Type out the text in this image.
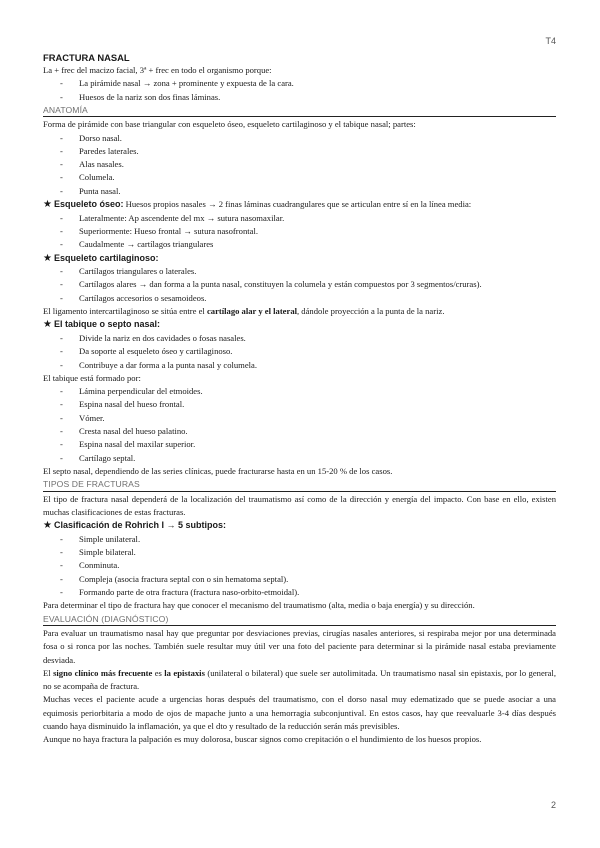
T4

FRACTURA NASAL

La + frec del macizo facial, 3ª + frec en todo el organismo porque:

- La pirámide nasal → zona + prominente y expuesta de la cara.
- Huesos de la nariz son dos finas láminas.
ANATOMÍA

Forma de pirámide con base triangular con esqueleto óseo, esqueleto cartilaginoso y el tabique nasal; partes:

- Dorso nasal.
- Paredes laterales.
- Alas nasales.
- Columela.
- Punta nasal.

★ Esqueleto óseo: Huesos propios nasales → 2 finas láminas cuadrangulares que se articulan entre sí en la línea media:

- Lateralmente: Ap ascendente del mx → sutura nasomaxilar.
- Superiormente: Hueso frontal → sutura nasofrontal.
- Caudalmente → cartílagos triangulares

★ Esqueleto cartilaginoso:

- Cartílagos triangulares o laterales.
- Cartílagos alares → dan forma a la punta nasal, constituyen la columela y están compuestos por 3 segmentos/cruras).
- Cartílagos accesorios o sesamoideos.

El ligamento intercartilaginoso se sitúa entre el cartílago alar y el lateral, dándole proyección a la punta de la nariz.

★ El tabique o septo nasal:

- Divide la nariz en dos cavidades o fosas nasales.
- Da soporte al esqueleto óseo y cartilaginoso.
- Contribuye a dar forma a la punta nasal y columela.

El tabique está formado por:

- Lámina perpendicular del etmoides.
- Espina nasal del hueso frontal.
- Vómer.
- Cresta nasal del hueso palatino.
- Espina nasal del maxilar superior.
- Cartílago septal.

El septo nasal, dependiendo de las series clínicas, puede fracturarse hasta en un 15-20 % de los casos.

TIPOS DE FRACTURAS

El tipo de fractura nasal dependerá de la localización del traumatismo así como de la dirección y energía del impacto. Con base en ello, existen muchas clasificaciones de estas fracturas.

★ Clasificación de Rohrich I → 5 subtipos:

- Simple unilateral.
- Simple bilateral.
- Conminuta.
- Compleja (asocia fractura septal con o sin hematoma septal).
- Formando parte de otra fractura (fractura naso-orbito-etmoidal).

Para determinar el tipo de fractura hay que conocer el mecanismo del traumatismo (alta, media o baja energía) y su dirección.

EVALUACIÓN (DIAGNÓSTICO)

Para evaluar un traumatismo nasal hay que preguntar por desviaciones previas, cirugías nasales anteriores, si respiraba mejor por una determinada fosa o si ronca por las noches. También suele resultar muy útil ver una foto del paciente para determinar si la pirámide nasal estaba previamente desviada.

El signo clínico más frecuente es la epistaxis (unilateral o bilateral) que suele ser autolimitada. Un traumatismo nasal sin epistaxis, por lo general, no se acompaña de fractura.

Muchas veces el paciente acude a urgencias horas después del traumatismo, con el dorso nasal muy edematizado que se puede asociar a una equimosis periorbitaria a modo de ojos de mapache junto a una hemorragia subconjuntival. En estos casos, hay que reevaluarle 3-4 días después cuando haya disminuido la inflamación, ya que el dto y resultado de la reducción serán más previsibles.

Aunque no haya fractura la palpación es muy dolorosa, buscar signos como crepitación o el hundimiento de los huesos propios.

2
